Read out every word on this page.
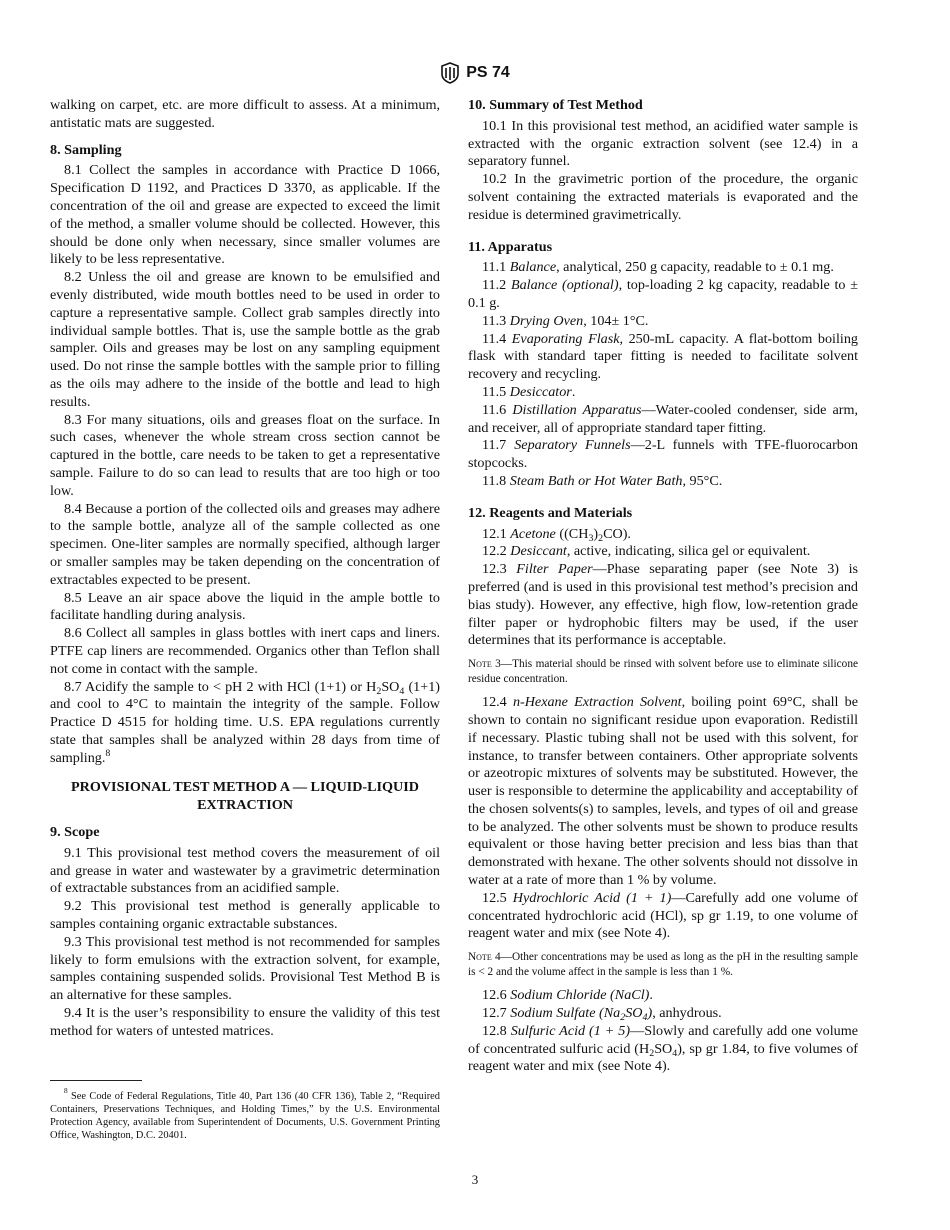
PS 74

walking on carpet, etc. are more difficult to assess. At a minimum, antistatic mats are suggested.

8. Sampling

8.1 Collect the samples in accordance with Practice D 1066, Specification D 1192, and Practices D 3370, as applicable. If the concentration of the oil and grease are expected to exceed the limit of the method, a smaller volume should be collected. However, this should be done only when necessary, since smaller volumes are likely to be less representative.

8.2 Unless the oil and grease are known to be emulsified and evenly distributed, wide mouth bottles need to be used in order to capture a representative sample. Collect grab samples directly into individual sample bottles. That is, use the sample bottle as the grab sampler. Oils and greases may be lost on any sampling equipment used. Do not rinse the sample bottles with the sample prior to filling as the oils may adhere to the inside of the bottle and lead to high results.

8.3 For many situations, oils and greases float on the surface. In such cases, whenever the whole stream cross section cannot be captured in the bottle, care needs to be taken to get a representative sample. Failure to do so can lead to results that are too high or too low.

8.4 Because a portion of the collected oils and greases may adhere to the sample bottle, analyze all of the sample collected as one specimen. One-liter samples are normally specified, although larger or smaller samples may be taken depending on the concentration of extractables expected to be present.

8.5 Leave an air space above the liquid in the ample bottle to facilitate handling during analysis.

8.6 Collect all samples in glass bottles with inert caps and liners. PTFE cap liners are recommended. Organics other than Teflon shall not come in contact with the sample.

8.7 Acidify the sample to < pH 2 with HCl (1+1) or $H_2SO_4$ (1+1) and cool to 4°C to maintain the integrity of the sample. Follow Practice D 4515 for holding time. U.S. EPA regulations currently state that samples shall be analyzed within 28 days from time of sampling.$^8$

PROVISIONAL TEST METHOD A — LIQUID-LIQUID EXTRACTION
9. Scope

9.1 This provisional test method covers the measurement of oil and grease in water and wastewater by a gravimetric determination of extractable substances from an acidified sample.

9.2 This provisional test method is generally applicable to samples containing organic extractable substances.

9.3 This provisional test method is not recommended for samples likely to form emulsions with the extraction solvent, for example, samples containing suspended solids. Provisional Test Method B is an alternative for these samples.

9.4 It is the user’s responsibility to ensure the validity of this test method for waters of untested matrices.

$^8$ See Code of Federal Regulations, Title 40, Part 136 (40 CFR 136), Table 2, “Required Containers, Preservations Techniques, and Holding Times,” by the U.S. Environmental Protection Agency, available from Superintendent of Documents, U.S. Government Printing Office, Washington, D.C. 20401.
10. Summary of Test Method

10.1 In this provisional test method, an acidified water sample is extracted with the organic extraction solvent (see 12.4) in a separatory funnel.

10.2 In the gravimetric portion of the procedure, the organic solvent containing the extracted materials is evaporated and the residue is determined gravimetrically.

11. Apparatus

11.1 Balance, analytical, 250 g capacity, readable to ± 0.1 mg.

11.2 Balance (optional), top-loading 2 kg capacity, readable to ± 0.1 g.

11.3 Drying Oven, 104± 1°C.

11.4 Evaporating Flask, 250-mL capacity. A flat-bottom boiling flask with standard taper fitting is needed to facilitate solvent recovery and recycling.

11.5 Desiccator.

11.6 Distillation Apparatus—Water-cooled condenser, side arm, and receiver, all of appropriate standard taper fitting.

11.7 Separatory Funnels—2-L funnels with TFE-fluorocarbon stopcocks.

11.8 Steam Bath or Hot Water Bath, 95°C.

12. Reagents and Materials

12.1 Acetone $((CH_3)_2CO)$.

12.2 Desiccant, active, indicating, silica gel or equivalent.

12.3 Filter Paper—Phase separating paper (see Note 3) is preferred (and is used in this provisional test method’s precision and bias study). However, any effective, high flow, low-retention grade filter paper or hydrophobic filters may be used, if the user determines that its performance is acceptable.

Note 3—This material should be rinsed with solvent before use to eliminate silicone residue concentration.

12.4 n-Hexane Extraction Solvent, boiling point 69°C, shall be shown to contain no significant residue upon evaporation. Redistill if necessary. Plastic tubing shall not be used with this solvent, for instance, to transfer between containers. Other appropriate solvents or azeotropic mixtures of solvents may be substituted. However, the user is responsible to determine the applicability and acceptability of the chosen solvents(s) to samples, levels, and types of oil and grease to be analyzed. The other solvents must be shown to produce results equivalent or those having better precision and less bias than that demonstrated with hexane. The other solvents should not dissolve in water at a rate of more than 1 % by volume.

12.5 Hydrochloric Acid (1 + 1)—Carefully add one volume of concentrated hydrochloric acid (HCl), sp gr 1.19, to one volume of reagent water and mix (see Note 4).

Note 4—Other concentrations may be used as long as the pH in the resulting sample is < 2 and the volume affect in the sample is less than 1 %.

12.6 Sodium Chloride (NaCl).

12.7 Sodium Sulfate $(Na_2SO_4)$, anhydrous.

12.8 Sulfuric Acid (1 + 5)—Slowly and carefully add one volume of concentrated sulfuric acid $(H_2SO_4)$, sp gr 1.84, to five volumes of reagent water and mix (see Note 4).

3
